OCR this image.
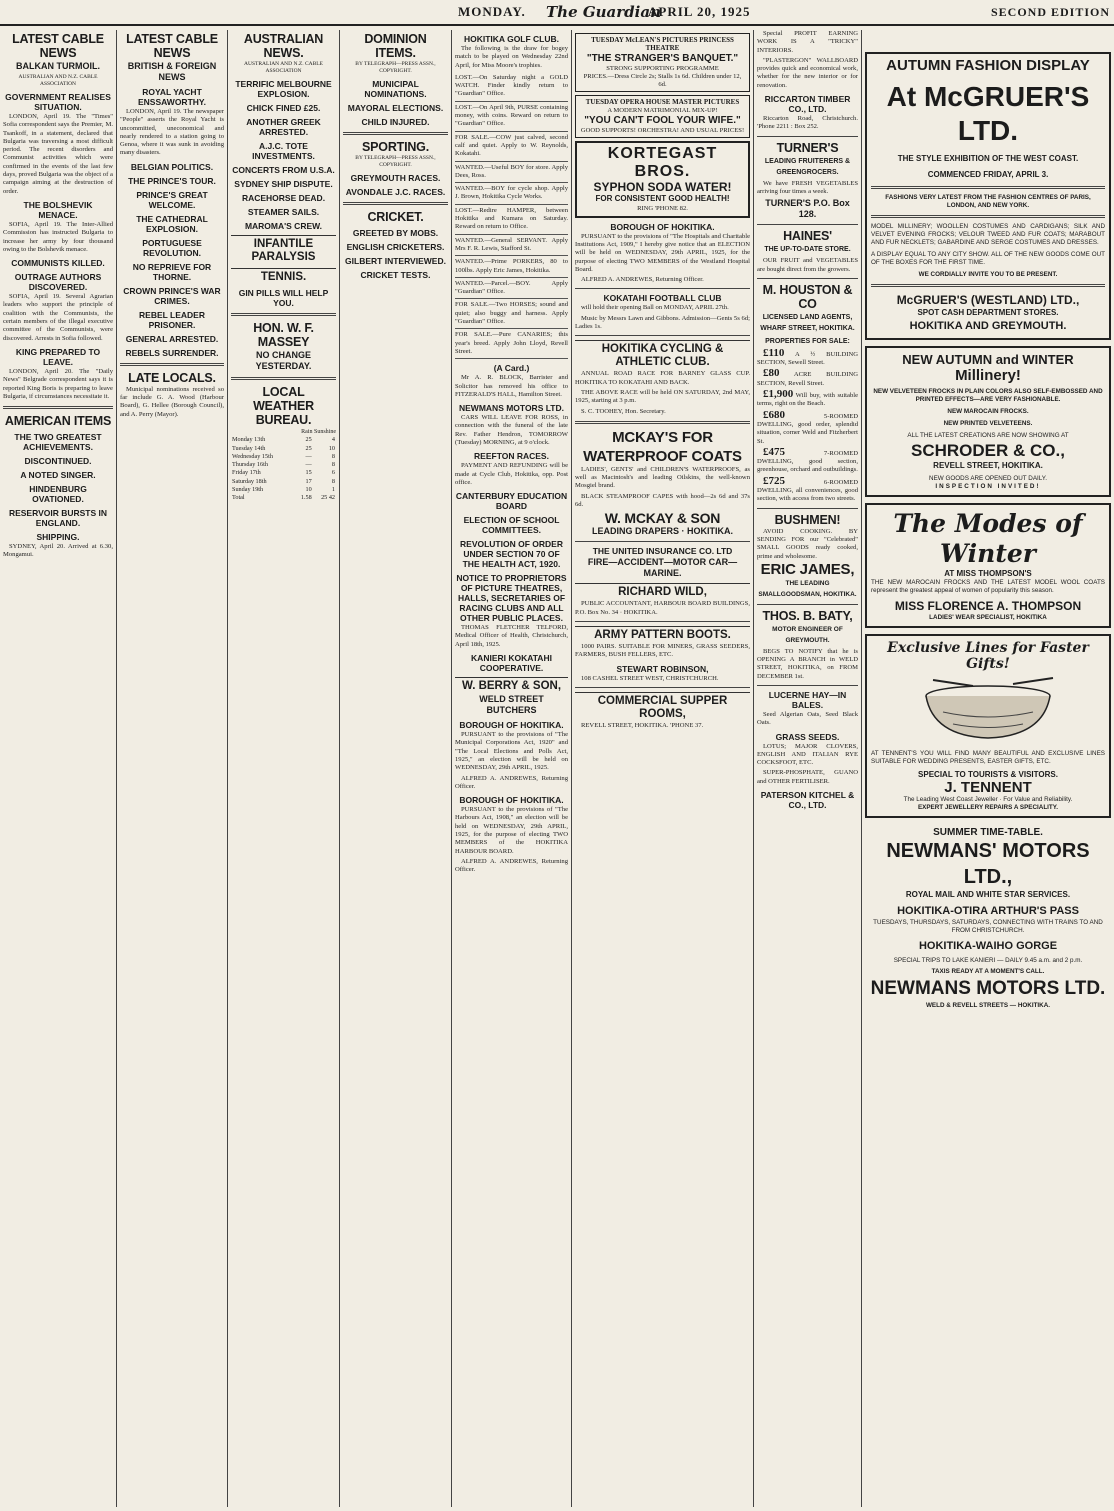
MONDAY. The Guardian
APRIL 20, 1925	SECOND EDITION
LATEST CABLE NEWS
BALKAN TURMOIL.
AUSTRALIAN AND N.Z. CABLE ASSOCIATION
GOVERNMENT REALISES SITUATION.

LONDON, April 19. The "Times" Sofia correspondent says the Premier, M. Tsankoff, in a statement, declared that Bulgaria was traversing a most difficult period. The recent disorders and Communist activities which were confirmed in the events of the last few days, proved Bulgaria was the object of a campaign aiming at the destruction of order.

THE BOLSHEVIK MENACE.

SOFIA, April 19. The Inter-Allied Commission has instructed Bulgaria to increase her army by four thousand owing to the Bolshevik menace.

COMMUNISTS KILLED.
OUTRAGE AUTHORS DISCOVERED.

SOFIA, April 19. Several Agrarian leaders who support the principle of coalition with the Communists, the certain members of the illegal executive committee of the Communists, were discovered. Arrests in Sofia followed.

KING PREPARED TO LEAVE.

LONDON, April 20. The "Daily News" Belgrade correspondent says it is reported King Boris is preparing to leave Bulgaria, if circumstances necessitate it.

AMERICAN ITEMS
THE TWO GREATEST ACHIEVEMENTS.
DISCONTINUED.
A NOTED SINGER.
HINDENBURG OVATIONED.
RESERVOIR BURSTS IN ENGLAND.
SHIPPING.

SYDNEY, April 20. Arrived at 6.30, Mongamui.

LATEST CABLE NEWS
BRITISH & FOREIGN NEWS
ROYAL YACHT ENSSAWORTHY.

LONDON, April 19. The newspaper "People" asserts the Royal Yacht is uncommitted, uneconomical and nearly rendered to a station going to Genoa, where it was sunk in avoiding many disasters.

BELGIAN POLITICS.
THE PRINCE'S TOUR.
PRINCE'S GREAT WELCOME.
THE CATHEDRAL EXPLOSION.
PORTUGUESE REVOLUTION.
NO REPRIEVE FOR THORNE.
CROWN PRINCE'S WAR CRIMES.
REBEL LEADER PRISONER.
GENERAL ARRESTED.
REBELS SURRENDER.
LATE LOCALS.

Municipal nominations received so far include G. A. Wood (Harbour Board), G. Hellee (Borough Council), and A. Perry (Mayor).

AUSTRALIAN NEWS.
AUSTRALIAN AND N.Z. CABLE ASSOCIATION
TERRIFIC MELBOURNE EXPLOSION.
CHICK FINED £25.
ANOTHER GREEK ARRESTED.
A.J.C. TOTE INVESTMENTS.
CONCERTS FROM U.S.A.
SYDNEY SHIP DISPUTE.
RACEHORSE DEAD.
STEAMER SAILS.
MAROMA'S CREW.
INFANTILE PARALYSIS
TENNIS.
GIN PILLS WILL HELP YOU.
HON. W. F. MASSEY
NO CHANGE YESTERDAY.
LOCAL WEATHER BUREAU.
Rain Sunshine
Monday 13th	25	4
Tuesday 14th	25	10
Wednesday 15th	—	8
Thursday 16th	—	8
Friday 17th	15	6
Saturday 18th	17	8
Sunday 19th	10	1
Total	1.58	25 42
DOMINION ITEMS.
BY TELEGRAPH—PRESS ASSN., COPYRIGHT.
MUNICIPAL NOMINATIONS.
MAYORAL ELECTIONS.
CHILD INJURED.
SPORTING.
BY TELEGRAPH—PRESS ASSN., COPYRIGHT.
GREYMOUTH RACES.
AVONDALE J.C. RACES.
CRICKET.
GREETED BY MOBS.
ENGLISH CRICKETERS.
GILBERT INTERVIEWED.
CRICKET TESTS.
HOKITIKA GOLF CLUB.

The following is the draw for bogey match to be played on Wednesday 22nd April, for Miss Moore's trophies.

LOST.—On Saturday night a GOLD WATCH. Finder kindly return to "Guardian" Office.
LOST.—On April 9th, PURSE containing money, with coins. Reward on return to "Guardian" Office.
FOR SALE.—COW just calved, second calf and quiet. Apply to W. Reynolds, Kokatahi.
WANTED.—Useful BOY for store. Apply Dees, Ross.
WANTED.—BOY for cycle shop. Apply J. Brown, Hokitika Cycle Works.
LOST.—Redire HAMPER, between Hokitika and Kumara on Saturday. Reward on return to Office.
WANTED.—General SERVANT. Apply Mrs F. R. Lewis, Stafford St.
WANTED.—Prime PORKERS, 80 to 100lbs. Apply Eric James, Hokitika.
WANTED.—Parcel.—BOY. Apply "Guardian" Office.
FOR SALE.—Two HORSES; sound and quiet; also buggy and harness. Apply "Guardian" Office.
FOR SALE.—Pure CANARIES; this year's breed. Apply John Lloyd, Revell Street.
(A Card.)

Mr A. R. BLOCK, Barrister and Solicitor has removed his office to FITZERALD'S HALL, Hamilton Street.

NEWMANS MOTORS LTD.

CARS WILL LEAVE FOR ROSS, in connection with the funeral of the late Rev. Father Hendron, TOMORROW (Tuesday) MORNING, at 9 o'clock.

REEFTON RACES.

PAYMENT AND REFUNDING will be made at Cycle Club, Hokitika, opp. Post office.

CANTERBURY EDUCATION BOARD
ELECTION OF SCHOOL COMMITTEES.
REVOLUTION OF ORDER UNDER SECTION 70 OF THE HEALTH ACT, 1920.
NOTICE TO PROPRIETORS OF PICTURE THEATRES, HALLS, SECRETARIES OF RACING CLUBS AND ALL OTHER PUBLIC PLACES.

THOMAS FLETCHER TELFORD, Medical Officer of Health, Christchurch, April 18th, 1925.

KANIERI KOKATAHI COOPERATIVE.
W. BERRY & SON,
WELD STREET BUTCHERS
BOROUGH OF HOKITIKA.

PURSUANT to the provisions of "The Municipal Corporations Act, 1920" and "The Local Elections and Polls Act, 1925," an election will be held on WEDNESDAY, 29th APRIL, 1925.

ALFRED A. ANDREWES, Returning Officer.

BOROUGH OF HOKITIKA.

PURSUANT to the provisions of "The Harbours Act, 1908," an election will be held on WEDNESDAY, 29th APRIL, 1925, for the purpose of electing TWO MEMBERS of the HOKITIKA HARBOUR BOARD.

ALFRED A. ANDREWES, Returning Officer.

TUESDAY McLEAN'S PICTURES PRINCESS THEATRE
"THE STRANGER'S BANQUET."
STRONG SUPPORTING PROGRAMME
PRICES.—Dress Circle 2s; Stalls 1s 6d. Children under 12, 6d.
TUESDAY OPERA HOUSE MASTER PICTURES
A MODERN MATRIMONIAL MIX-UP!
"YOU CAN'T FOOL YOUR WIFE."
GOOD SUPPORTS! ORCHESTRA! AND USUAL PRICES!
KORTEGAST BROS.
SYPHON SODA WATER!
FOR CONSISTENT GOOD HEALTH!
RING 'PHONE 82.
BOROUGH OF HOKITIKA.

PURSUANT to the provisions of "The Hospitals and Charitable Institutions Act, 1909," I hereby give notice that an ELECTION will be held on WEDNESDAY, 29th APRIL, 1925, for the purpose of electing TWO MEMBERS of the Westland Hospital Board.

ALFRED A. ANDREWES, Returning Officer.

KOKATAHI FOOTBALL CLUB

will hold their opening Ball on MONDAY, APRIL 27th.

Music by Messrs Lawn and Gibbons. Admission—Gents 5s 6d; Ladies 1s.

HOKITIKA CYCLING & ATHLETIC CLUB.

ANNUAL ROAD RACE FOR BARNEY GLASS CUP. HOKITIKA TO KOKATAHI AND BACK.

THE ABOVE RACE will be held ON SATURDAY, 2nd MAY, 1925, starting at 3 p.m.

S. C. TOOHEY, Hon. Secretary.

MCKAY'S FOR
WATERPROOF COATS

LADIES', GENTS' and CHILDREN'S WATERPROOFS, as well as Macintosh's and leading Oilskins, the well-known Mosgiel brand.

BLACK STEAMPROOF CAPES with hood—2s 6d and 37s 6d.

W. MCKAY & SON
LEADING DRAPERS · HOKITIKA.
THE UNITED INSURANCE CO. LTD
FIRE—ACCIDENT—MOTOR CAR—MARINE.
RICHARD WILD,

PUBLIC ACCOUNTANT, HARBOUR BOARD BUILDINGS, P.O. Box No. 34 · HOKITIKA.

ARMY PATTERN BOOTS.

1000 PAIRS. SUITABLE FOR MINERS, GRASS SEEDERS, FARMERS, BUSH FELLERS, ETC.

STEWART ROBINSON,

108 CASHEL STREET WEST, CHRISTCHURCH.

COMMERCIAL SUPPER ROOMS,

REVELL STREET, HOKITIKA. 'PHONE 37.

Special PROFIT EARNING WORK IS A "TRICKY" INTERIORS.

"PLASTERGON" WALLBOARD provides quick and economical work, whether for the new interior or for renovation.

RICCARTON TIMBER CO., LTD.

Riccarton Road, Christchurch. 'Phone 2211 : Box 252.

TURNER'S
LEADING FRUITERERS & GREENGROCERS.

We have FRESH VEGETABLES arriving four times a week.

TURNER'S P.O. Box 128.
HAINES'
THE UP-TO-DATE STORE.

OUR FRUIT and VEGETABLES are bought direct from the growers.

M. HOUSTON & CO
LICENSED LAND AGENTS, WHARF STREET, HOKITIKA.
PROPERTIES FOR SALE:

£110 A ½ BUILDING SECTION, Sewell Street.

£80 ACRE BUILDING SECTION, Revell Street.

£1,900 Will buy, with suitable terms, right on the Beach.

£680	5-ROOMED DWELLING, good order, splendid situation, corner Weld and Fitzherbert St.

£475	7-ROOMED DWELLING, good section, greenhouse, orchard and outbuildings.

£725	6-ROOMED DWELLING, all conveniences, good section, with access from two streets.

BUSHMEN!

AVOID COOKING. BY SENDING FOR our "Celebrated" SMALL GOODS ready cooked, prime and wholesome.

ERIC JAMES,
THE LEADING SMALLGOODSMAN, HOKITIKA.
THOS. B. BATY,
MOTOR ENGINEER OF GREYMOUTH.

BEGS TO NOTIFY that he is OPENING A BRANCH in WELD STREET, HOKITIKA, on FROM DECEMBER 1st.

LUCERNE HAY—IN BALES.

Seed Algerian Oats, Seed Black Oats.

GRASS SEEDS.

LOTUS; MAJOR CLOVERS, ENGLISH AND ITALIAN RYE COCKSFOOT, ETC.

SUPER-PHOSPHATE, GUANO and OTHER FERTILISER.

PATERSON KITCHEL & CO., LTD.
AUTUMN FASHION DISPLAY
At McGRUER'S LTD.
THE STYLE EXHIBITION OF THE WEST COAST.
COMMENCED FRIDAY, APRIL 3.
FASHIONS VERY LATEST FROM THE FASHION CENTRES OF PARIS, LONDON, AND NEW YORK.
MODEL MILLINERY; WOOLLEN COSTUMES AND CARDIGANS; SILK AND VELVET EVENING FROCKS; VELOUR TWEED AND FUR COATS; MARABOUT AND FUR NECKLETS; GABARDINE AND SERGE COSTUMES AND DRESSES.
A DISPLAY EQUAL TO ANY CITY SHOW. ALL OF THE NEW GOODS COME OUT OF THE BOXES FOR THE FIRST TIME.
WE CORDIALLY INVITE YOU TO BE PRESENT.
McGRUER'S (WESTLAND) LTD.,
SPOT CASH DEPARTMENT STORES.
HOKITIKA AND GREYMOUTH.
NEW AUTUMN and WINTER
Millinery!
NEW VELVETEEN FROCKS IN PLAIN COLORS ALSO SELF-EMBOSSED AND PRINTED EFFECTS—ARE VERY FASHIONABLE.
NEW MAROCAIN FROCKS.
NEW PRINTED VELVETEENS.
ALL THE LATEST CREATIONS ARE NOW SHOWING AT
SCHRODER & CO.,
REVELL STREET, HOKITIKA.
NEW GOODS ARE OPENED OUT DAILY.
INSPECTION INVITED!
The Modes of Winter
AT MISS THOMPSON'S
THE NEW MAROCAIN FROCKS AND THE LATEST MODEL WOOL COATS represent the greatest appeal of women of popularity this season.
MISS FLORENCE A. THOMPSON
LADIES' WEAR SPECIALIST, HOKITIKA
Exclusive Lines for Faster Gifts!
AT TENNENT'S YOU WILL FIND MANY BEAUTIFUL AND EXCLUSIVE LINES SUITABLE FOR WEDDING PRESENTS, EASTER GIFTS, ETC.
SPECIAL TO TOURISTS & VISITORS.
J. TENNENT
The Leading West Coast Jeweller · For Value and Reliability.
EXPERT JEWELLERY REPAIRS A SPECIALITY.
SUMMER TIME-TABLE.
NEWMANS' MOTORS LTD.,
ROYAL MAIL AND WHITE STAR SERVICES.
HOKITIKA-OTIRA ARTHUR'S PASS
TUESDAYS, THURSDAYS, SATURDAYS, CONNECTING WITH TRAINS TO AND FROM CHRISTCHURCH.
HOKITIKA-WAIHO GORGE
SPECIAL TRIPS TO LAKE KANIERI — DAILY 9.45 a.m. and 2 p.m.
TAXIS READY AT A MOMENT'S CALL.
NEWMANS MOTORS LTD.
WELD & REVELL STREETS — HOKITIKA.
